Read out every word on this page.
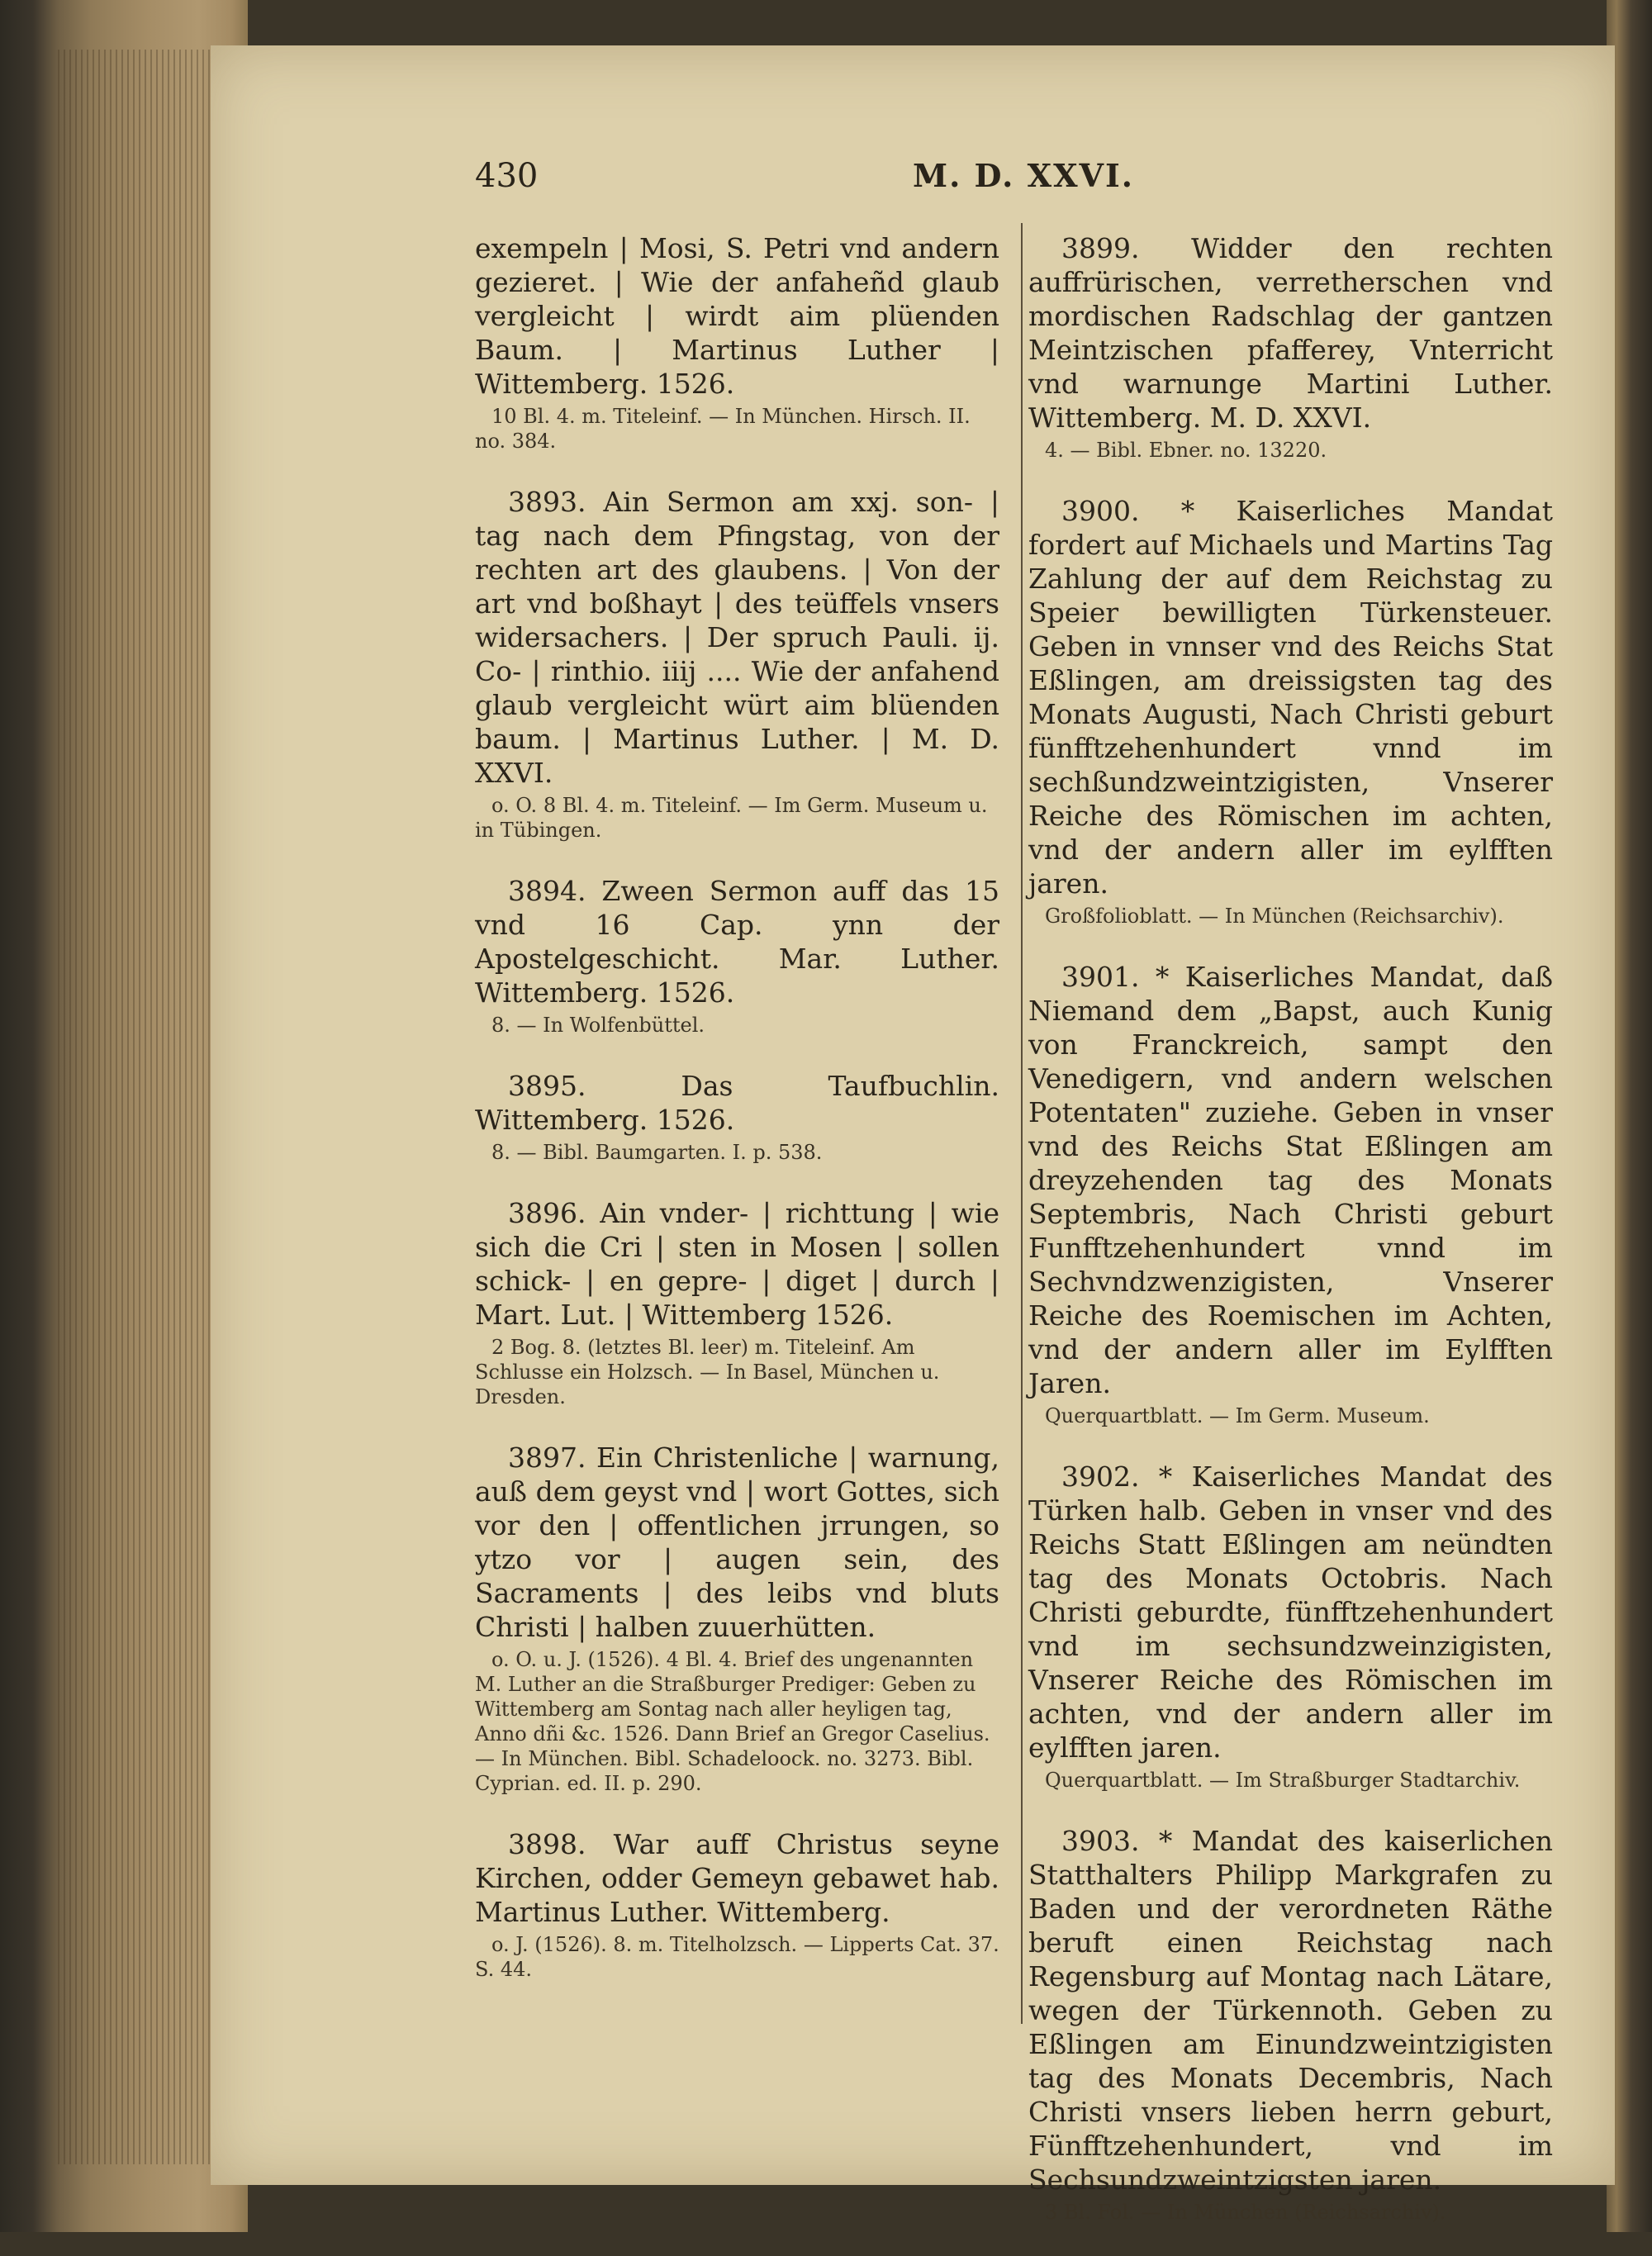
430	M. D. XXVI.

exempeln | Mosi, S. Petri vnd andern gezieret. | Wie der anfaheñd glaub vergleicht | wirdt aim plüenden Baum. | Martinus Luther | Wittemberg. 1526.

10 Bl. 4. m. Titeleinf. — In München. Hirsch. II. no. 384.

3893. Ain Sermon am xxj. son- | tag nach dem Pfingstag, von der rechten art des glaubens. | Von der art vnd boßhayt | des teüffels vnsers widersachers. | Der spruch Pauli. ij. Co- | rinthio. iiij .... Wie der anfahend glaub vergleicht würt aim blüenden baum. | Martinus Luther. | M. D. XXVI.

o. O. 8 Bl. 4. m. Titeleinf. — Im Germ. Museum u. in Tübingen.

3894. Zween Sermon auff das 15 vnd 16 Cap. ynn der Apostelgeschicht. Mar. Luther. Wittemberg. 1526.

8. — In Wolfenbüttel.

3895. Das Taufbuchlin. Wittemberg. 1526.

8. — Bibl. Baumgarten. I. p. 538.

3896. Ain vnder- | richttung | wie sich die Cri | sten in Mosen | sollen schick- | en gepre- | diget | durch | Mart. Lut. | Wittemberg 1526.

2 Bog. 8. (letztes Bl. leer) m. Titeleinf. Am Schlusse ein Holzsch. — In Basel, München u. Dresden.

3897. Ein Christenliche | warnung, auß dem geyst vnd | wort Gottes, sich vor den | offentlichen jrrungen, so ytzo vor | augen sein, des Sacraments | des leibs vnd bluts Christi | halben zuuerhütten.

o. O. u. J. (1526). 4 Bl. 4. Brief des ungenannten M. Luther an die Straßburger Prediger: Geben zu Wittemberg am Sontag nach aller heyligen tag, Anno dñi &c. 1526. Dann Brief an Gregor Caselius. — In München. Bibl. Schadeloock. no. 3273. Bibl. Cyprian. ed. II. p. 290.

3898. War auff Christus seyne Kirchen, odder Gemeyn gebawet hab. Martinus Luther. Wittemberg.

o. J. (1526). 8. m. Titelholzsch. — Lipperts Cat. 37. S. 44.

3899. Widder den rechten auffrürischen, verretherschen vnd mordischen Radschlag der gantzen Meintzischen pfafferey, Vnterricht vnd warnunge Martini Luther. Wittemberg. M. D. XXVI.

4. — Bibl. Ebner. no. 13220.

3900. * Kaiserliches Mandat fordert auf Michaels und Martins Tag Zahlung der auf dem Reichstag zu Speier bewilligten Türkensteuer. Geben in vnnser vnd des Reichs Stat Eßlingen, am dreissigsten tag des Monats Augusti, Nach Christi geburt fünfftzehenhundert vnnd im sechßundzweintzigisten, Vnserer Reiche des Römischen im achten, vnd der andern aller im eylfften jaren.

Großfolioblatt. — In München (Reichsarchiv).

3901. * Kaiserliches Mandat, daß Niemand dem „Bapst, auch Kunig von Franckreich, sampt den Venedigern, vnd andern welschen Potentaten" zuziehe. Geben in vnser vnd des Reichs Stat Eßlingen am dreyzehenden tag des Monats Septembris, Nach Christi geburt Funfftzehenhundert vnnd im Sechvndzwenzigisten, Vnserer Reiche des Roemischen im Achten, vnd der andern aller im Eylfften Jaren.

Querquartblatt. — Im Germ. Museum.

3902. * Kaiserliches Mandat des Türken halb. Geben in vnser vnd des Reichs Statt Eßlingen am neündten tag des Monats Octobris. Nach Christi geburdte, fünfftzehenhundert vnd im sechsundzweinzigisten, Vnserer Reiche des Römischen im achten, vnd der andern aller im eylfften jaren.

Querquartblatt. — Im Straßburger Stadtarchiv.

3903. * Mandat des kaiserlichen Statthalters Philipp Markgrafen zu Baden und der verordneten Räthe beruft einen Reichstag nach Regensburg auf Montag nach Lätare, wegen der Türkennoth. Geben zu Eßlingen am Einundzweintzigisten tag des Monats Decembris, Nach Christi vnsers lieben herrn geburt, Fünfftzehenhundert, vnd im Sechsundzweintzigsten jaren.

3 Bl. Fol. — In München (Reichsarchiv).
